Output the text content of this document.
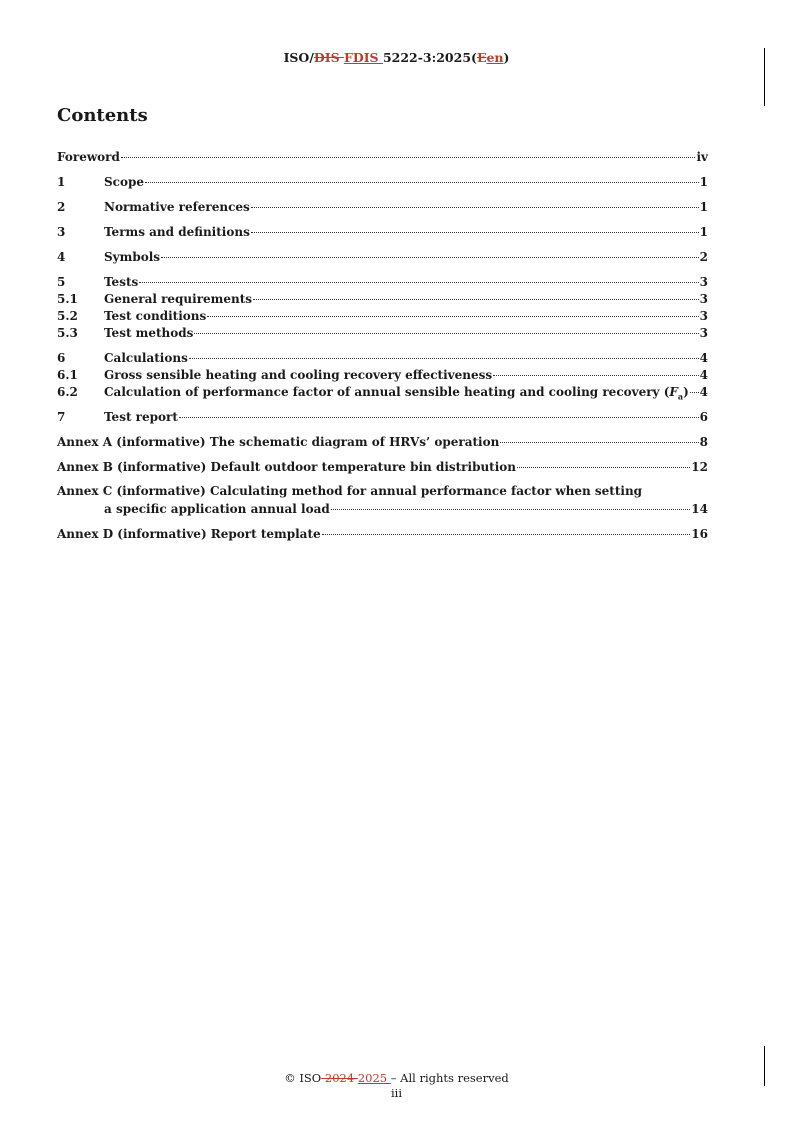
ISO/DIS FDIS 5222-3:2025(Een)
Contents
Foreword	iv
1	Scope	1
2	Normative references	1
3	Terms and definitions	1
4	Symbols	2
5	Tests	3
5.1	General requirements	3
5.2	Test conditions	3
5.3	Test methods	3
6	Calculations	4
6.1	Gross sensible heating and cooling recovery effectiveness	4
6.2	Calculation of performance factor of annual sensible heating and cooling recovery $(F_a)$ 4
7	Test report	6
Annex A (informative) The schematic diagram of HRVs’ operation	8
Annex B (informative) Default outdoor temperature bin distribution	12
Annex C (informative) Calculating method for annual performance factor when setting
a specific application annual load	14
Annex D (informative) Report template	16
© ISO 2024 2025 – All rights reserved
iii
